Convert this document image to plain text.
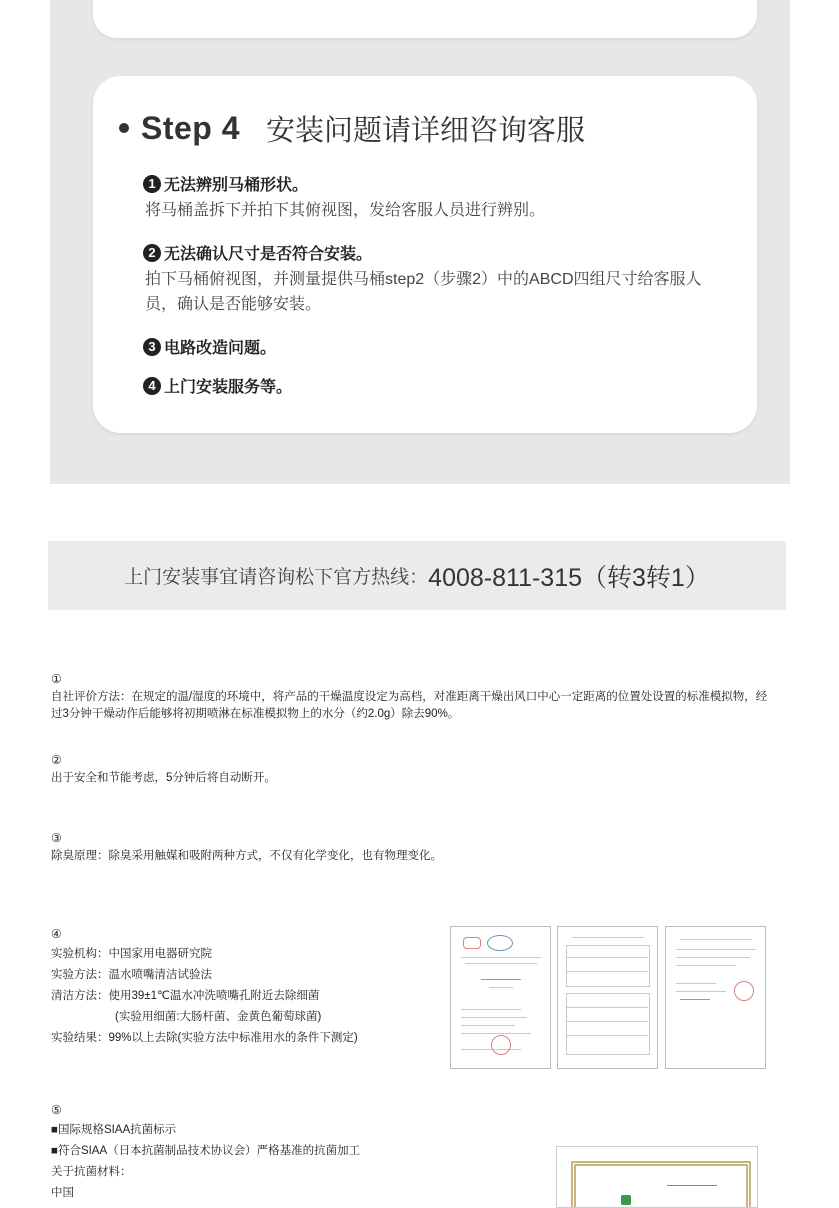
Step 4 安装问题请详细咨询客服
1 无法辨别马桶形状。
将马桶盖拆下并拍下其俯视图，发给客服人员进行辨别。
2 无法确认尺寸是否符合安装。
拍下马桶俯视图，并测量提供马桶step2（步骤2）中的ABCD四组尺寸给客服人员，确认是否能够安装。
3 电路改造问题。
4 上门安装服务等。
上门安装事宜请咨询松下官方热线： 4008-811-315（转3转1）
①
自社评价方法：在规定的温/湿度的环境中，将产品的干燥温度设定为高档，对准距离干燥出风口中心一定距离的位置处设置的标准模拟物，经过3分钟干燥动作后能够将初期喷淋在标准模拟物上的水分（约2.0g）除去90%。
②
出于安全和节能考虑，5分钟后将自动断开。
③
除臭原理：除臭采用触媒和吸附两种方式，不仅有化学变化，也有物理变化。
④
实验机构：中国家用电器研究院
实验方法：温水喷嘴清洁试验法
清洁方法：使用39±1℃温水冲洗喷嘴孔附近去除细菌
(实验用细菌:大肠杆菌、金黄色葡萄球菌)
实验结果：99%以上去除(实验方法中标准用水的条件下测定)
⑤
■国际规格SIAA抗菌标示
■符合SIAA（日本抗菌制品技术协议会）严格基准的抗菌加工
关于抗菌材料：
中国
